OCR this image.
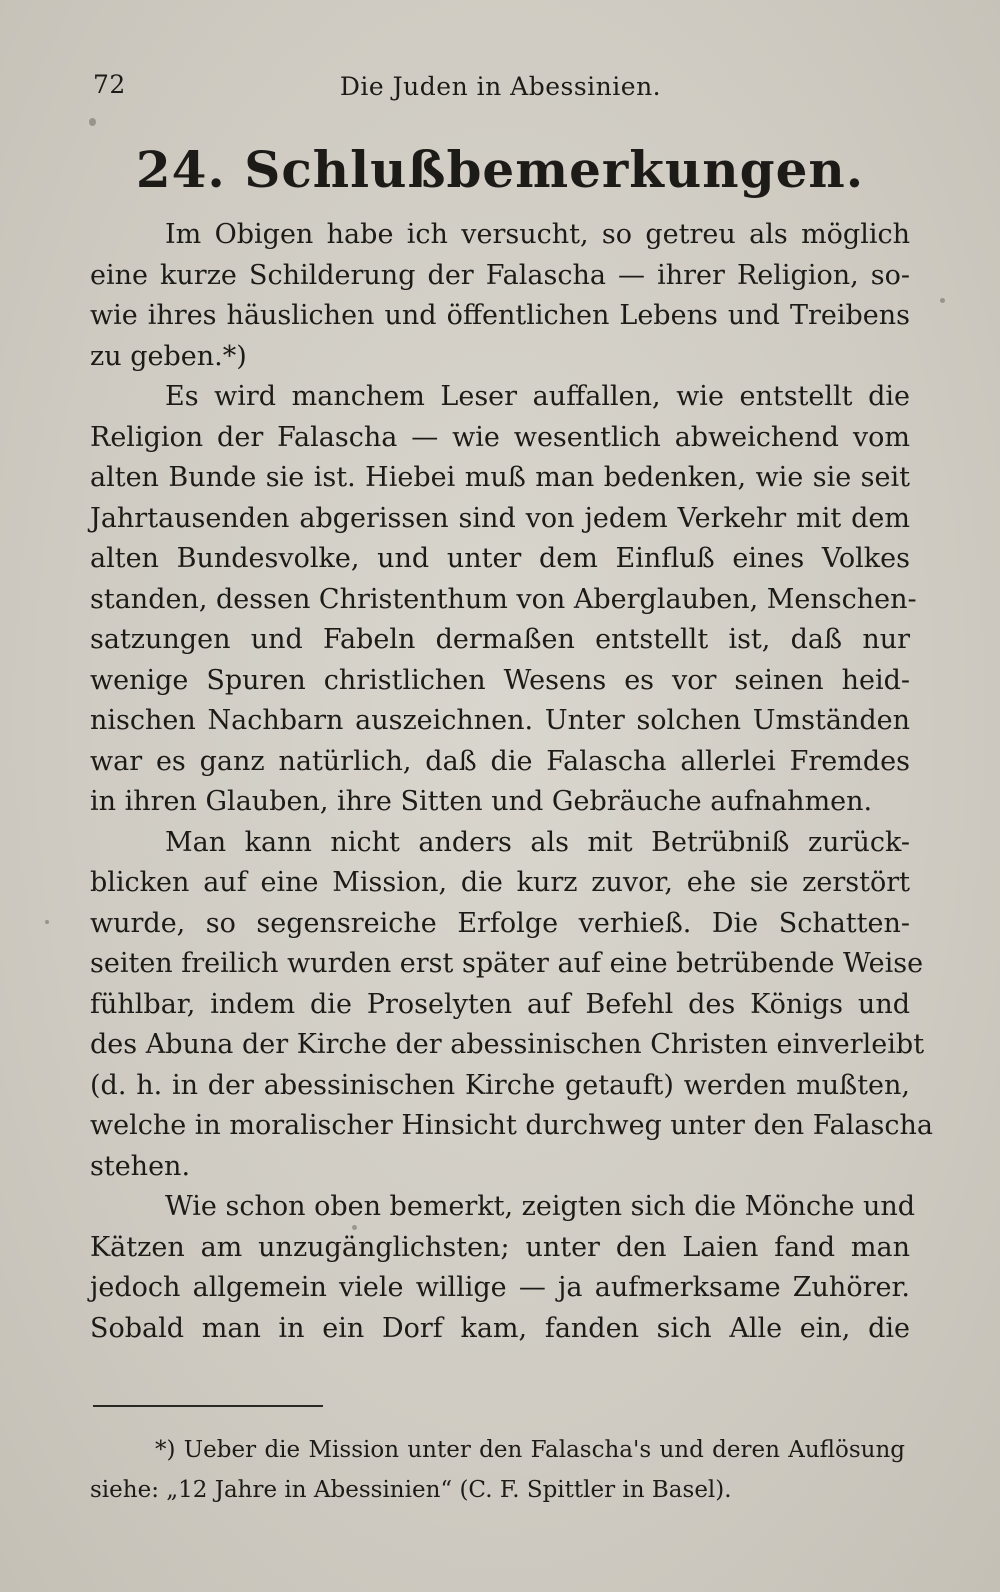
72	Die Juden in Abessinien.
24. Schlußbemerkungen.
Im Obigen habe ich versucht, so getreu als möglich
eine kurze Schilderung der Falascha — ihrer Religion, so-
wie ihres häuslichen und öffentlichen Lebens und Treibens
zu geben.*)
Es wird manchem Leser auffallen, wie entstellt die
Religion der Falascha — wie wesentlich abweichend vom
alten Bunde sie ist. Hiebei muß man bedenken, wie sie seit
Jahrtausenden abgerissen sind von jedem Verkehr mit dem
alten Bundesvolke, und unter dem Einfluß eines Volkes
standen, dessen Christenthum von Aberglauben, Menschen-
satzungen und Fabeln dermaßen entstellt ist, daß nur
wenige Spuren christlichen Wesens es vor seinen heid-
nischen Nachbarn auszeichnen. Unter solchen Umständen
war es ganz natürlich, daß die Falascha allerlei Fremdes
in ihren Glauben, ihre Sitten und Gebräuche aufnahmen.
Man kann nicht anders als mit Betrübniß zurück-
blicken auf eine Mission, die kurz zuvor, ehe sie zerstört
wurde, so segensreiche Erfolge verhieß. Die Schatten-
seiten freilich wurden erst später auf eine betrübende Weise
fühlbar, indem die Proselyten auf Befehl des Königs und
des Abuna der Kirche der abessinischen Christen einverleibt
(d. h. in der abessinischen Kirche getauft) werden mußten,
welche in moralischer Hinsicht durchweg unter den Falascha
stehen.
Wie schon oben bemerkt, zeigten sich die Mönche und
Kätzen am unzugänglichsten; unter den Laien fand man
jedoch allgemein viele willige — ja aufmerksame Zuhörer.
Sobald man in ein Dorf kam, fanden sich Alle ein, die
*) Ueber die Mission unter den Falascha's und deren Auflösung
siehe: „12 Jahre in Abessinien“ (C. F. Spittler in Basel).
